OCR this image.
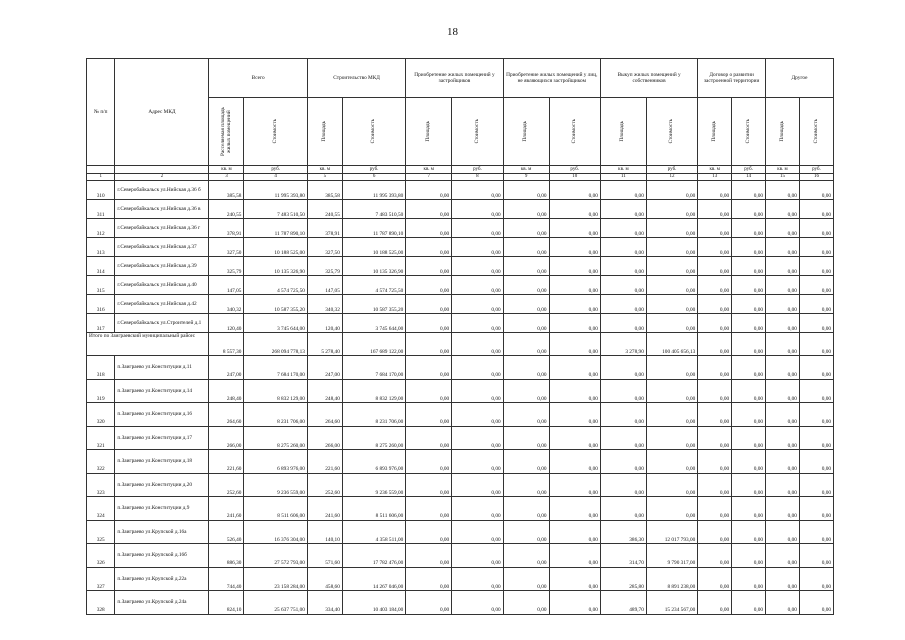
18
№ п/п	Адрес МКД	Всего		Строительство МКД		Приобретение жилых помещений у застройщиков		Приобретение жилых помещений у лиц, не являющихся застройщиком		Выкуп жилых помещений у собственников		Договор о развитии застроенной территории		Другое	

		Расселяемая площадь жилых помещений	Стоимость	Площадь	Стоимость	Площадь	Стоимость	Площадь	Стоимость	Площадь	Стоимость	Площадь	Стоимость	Площадь	Стоимость

		кв. м	руб.	кв. м	руб.	кв. м	руб.	кв. м	руб.	кв. м	руб.	кв. м	руб.	кв. м	руб.
1	2	3	4	5	6	7	8	9	10	11	12	13	14	15	16
310	г.Северобайкальск ул.Нийская д.36 б	385,58	11 995 393,80	385,58	11 995 393,80	0,00	0,00	0,00	0,00	0,00	0,00	0,00	0,00	0,00	0,00
311	г.Северобайкальск ул.Нийская д.36 в	240,55	7 483 510,50	240,55	7 483 510,50	0,00	0,00	0,00	0,00	0,00	0,00	0,00	0,00	0,00	0,00
312	г.Северобайкальск ул.Нийская д.36 г	378,91	11 787 890,10	378,91	11 787 890,10	0,00	0,00	0,00	0,00	0,00	0,00	0,00	0,00	0,00	0,00
313	г.Северобайкальск ул.Нийская д.37	327,50	10 188 525,00	327,50	10 188 525,00	0,00	0,00	0,00	0,00	0,00	0,00	0,00	0,00	0,00	0,00
314	г.Северобайкальск ул.Нийская д.39	325,79	10 135 326,90	325,79	10 135 326,90	0,00	0,00	0,00	0,00	0,00	0,00	0,00	0,00	0,00	0,00
315	г.Северобайкальск ул.Нийская д.40	147,05	4 574 725,50	147,05	4 574 725,50	0,00	0,00	0,00	0,00	0,00	0,00	0,00	0,00	0,00	0,00
316	г.Северобайкальск ул.Нийская д.42	340,32	10 587 355,20	340,32	10 587 355,20	0,00	0,00	0,00	0,00	0,00	0,00	0,00	0,00	0,00	0,00
317	г.Северобайкальск ул.Строителей д.1	120,40	3 745 644,00	120,40	3 745 644,00	0,00	0,00	0,00	0,00	0,00	0,00	0,00	0,00	0,00	0,00
Итого по Заиграевский муниципальный район:		8 557,30	268 094 778,13	5 278,40	167 689 122,00	0,00	0,00	0,00	0,00	3 278,90	100 405 656,13	0,00	0,00	0,00	0,00
318	п.Заиграево ул.Конституции д.11	247,00	7 684 170,00	247,00	7 684 170,00	0,00	0,00	0,00	0,00	0,00	0,00	0,00	0,00	0,00	0,00
319	п.Заиграево ул.Конституции д.14	248,40	8 832 129,00	248,40	8 832 129,00	0,00	0,00	0,00	0,00	0,00	0,00	0,00	0,00	0,00	0,00
320	п.Заиграево ул.Конституции д.16	264,60	8 231 706,00	264,60	8 231 706,00	0,00	0,00	0,00	0,00	0,00	0,00	0,00	0,00	0,00	0,00
321	п.Заиграево ул.Конституции д.17	266,00	8 275 260,00	266,00	8 275 260,00	0,00	0,00	0,00	0,00	0,00	0,00	0,00	0,00	0,00	0,00
322	п.Заиграево ул.Конституции д.18	221,60	6 893 976,00	221,60	6 893 976,00	0,00	0,00	0,00	0,00	0,00	0,00	0,00	0,00	0,00	0,00
323	п.Заиграево ул.Конституции д.20	252,60	9 236 559,00	252,60	9 236 559,00	0,00	0,00	0,00	0,00	0,00	0,00	0,00	0,00	0,00	0,00
324	п.Заиграево ул.Конституции д.9	241,60	8 511 606,00	241,60	8 511 606,00	0,00	0,00	0,00	0,00	0,00	0,00	0,00	0,00	0,00	0,00
325	п.Заиграево ул.Крупской д.16а	526,40	16 376 304,00	140,10	4 358 511,00	0,00	0,00	0,00	0,00	386,30	12 017 793,00	0,00	0,00	0,00	0,00
326	п.Заиграево ул.Крупской д.16б	886,30	27 572 793,00	571,60	17 782 476,00	0,00	0,00	0,00	0,00	314,70	9 790 317,00	0,00	0,00	0,00	0,00
327	п.Заиграево ул.Крупской д.22а	744,40	23 158 284,00	458,60	14 267 046,00	0,00	0,00	0,00	0,00	285,80	8 891 238,00	0,00	0,00	0,00	0,00
328	п.Заиграево ул.Крупской д.24а	824,10	25 637 751,00	334,40	10 403 184,00	0,00	0,00	0,00	0,00	489,70	15 234 567,00	0,00	0,00	0,00	0,00
